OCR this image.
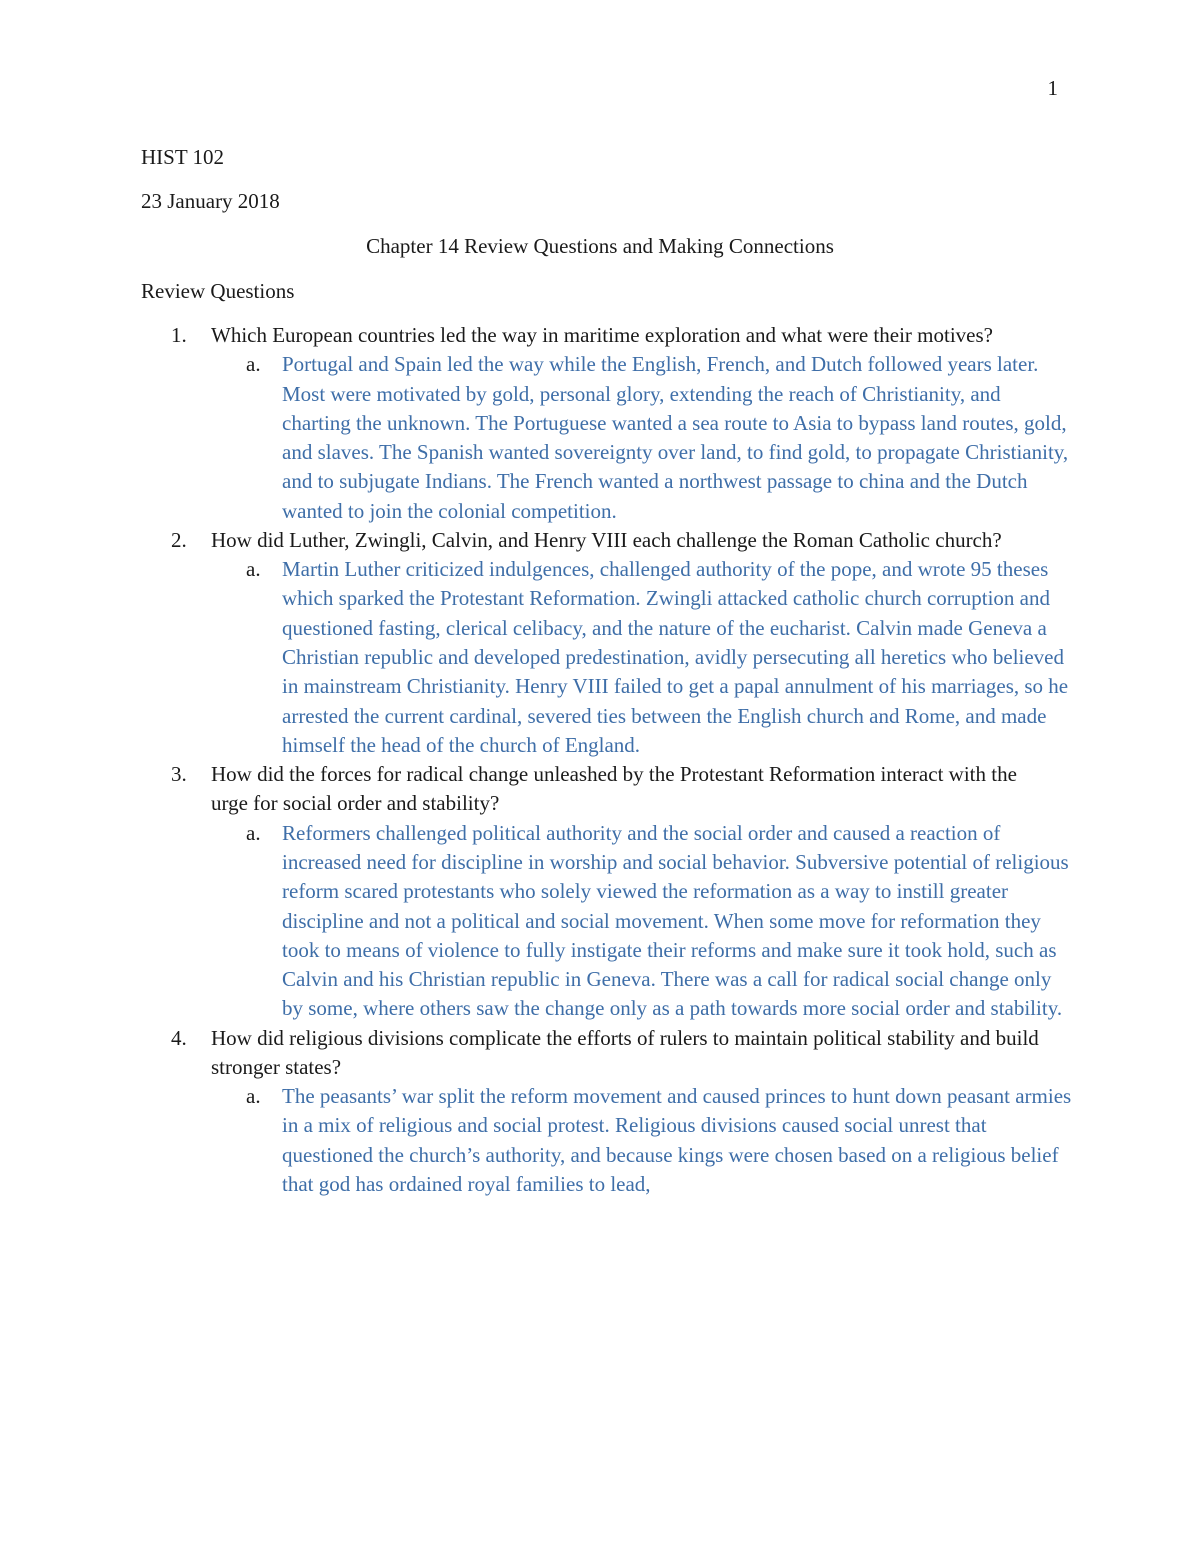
1
HIST 102
23 January 2018
Chapter 14 Review Questions and Making Connections
Review Questions
1.	Which European countries led the way in maritime exploration and what were their motives?
a. Portugal and Spain led the way while the English, French, and Dutch followed years later. Most were motivated by gold, personal glory, extending the reach of Christianity, and charting the unknown. The Portuguese wanted a sea route to Asia to bypass land routes, gold, and slaves. The Spanish wanted sovereignty over land, to find gold, to propagate Christianity, and to subjugate Indians. The French wanted a northwest passage to china and the Dutch wanted to join the colonial competition.
2.	How did Luther, Zwingli, Calvin, and Henry VIII each challenge the Roman Catholic church?
a. Martin Luther criticized indulgences, challenged authority of the pope, and wrote 95 theses which sparked the Protestant Reformation. Zwingli attacked catholic church corruption and questioned fasting, clerical celibacy, and the nature of the eucharist. Calvin made Geneva a Christian republic and developed predestination, avidly persecuting all heretics who believed in mainstream Christianity. Henry VIII failed to get a papal annulment of his marriages, so he arrested the current cardinal, severed ties between the English church and Rome, and made himself the head of the church of England.
3.	How did the forces for radical change unleashed by the Protestant Reformation interact with the urge for social order and stability?
a. Reformers challenged political authority and the social order and caused a reaction of increased need for discipline in worship and social behavior. Subversive potential of religious reform scared protestants who solely viewed the reformation as a way to instill greater discipline and not a political and social movement. When some move for reformation they took to means of violence to fully instigate their reforms and make sure it took hold, such as Calvin and his Christian republic in Geneva. There was a call for radical social change only by some, where others saw the change only as a path towards more social order and stability.
4.	How did religious divisions complicate the efforts of rulers to maintain political stability and build stronger states?
a. The peasants’ war split the reform movement and caused princes to hunt down peasant armies in a mix of religious and social protest. Religious divisions caused social unrest that questioned the church’s authority, and because kings were chosen based on a religious belief that god has ordained royal families to lead,
